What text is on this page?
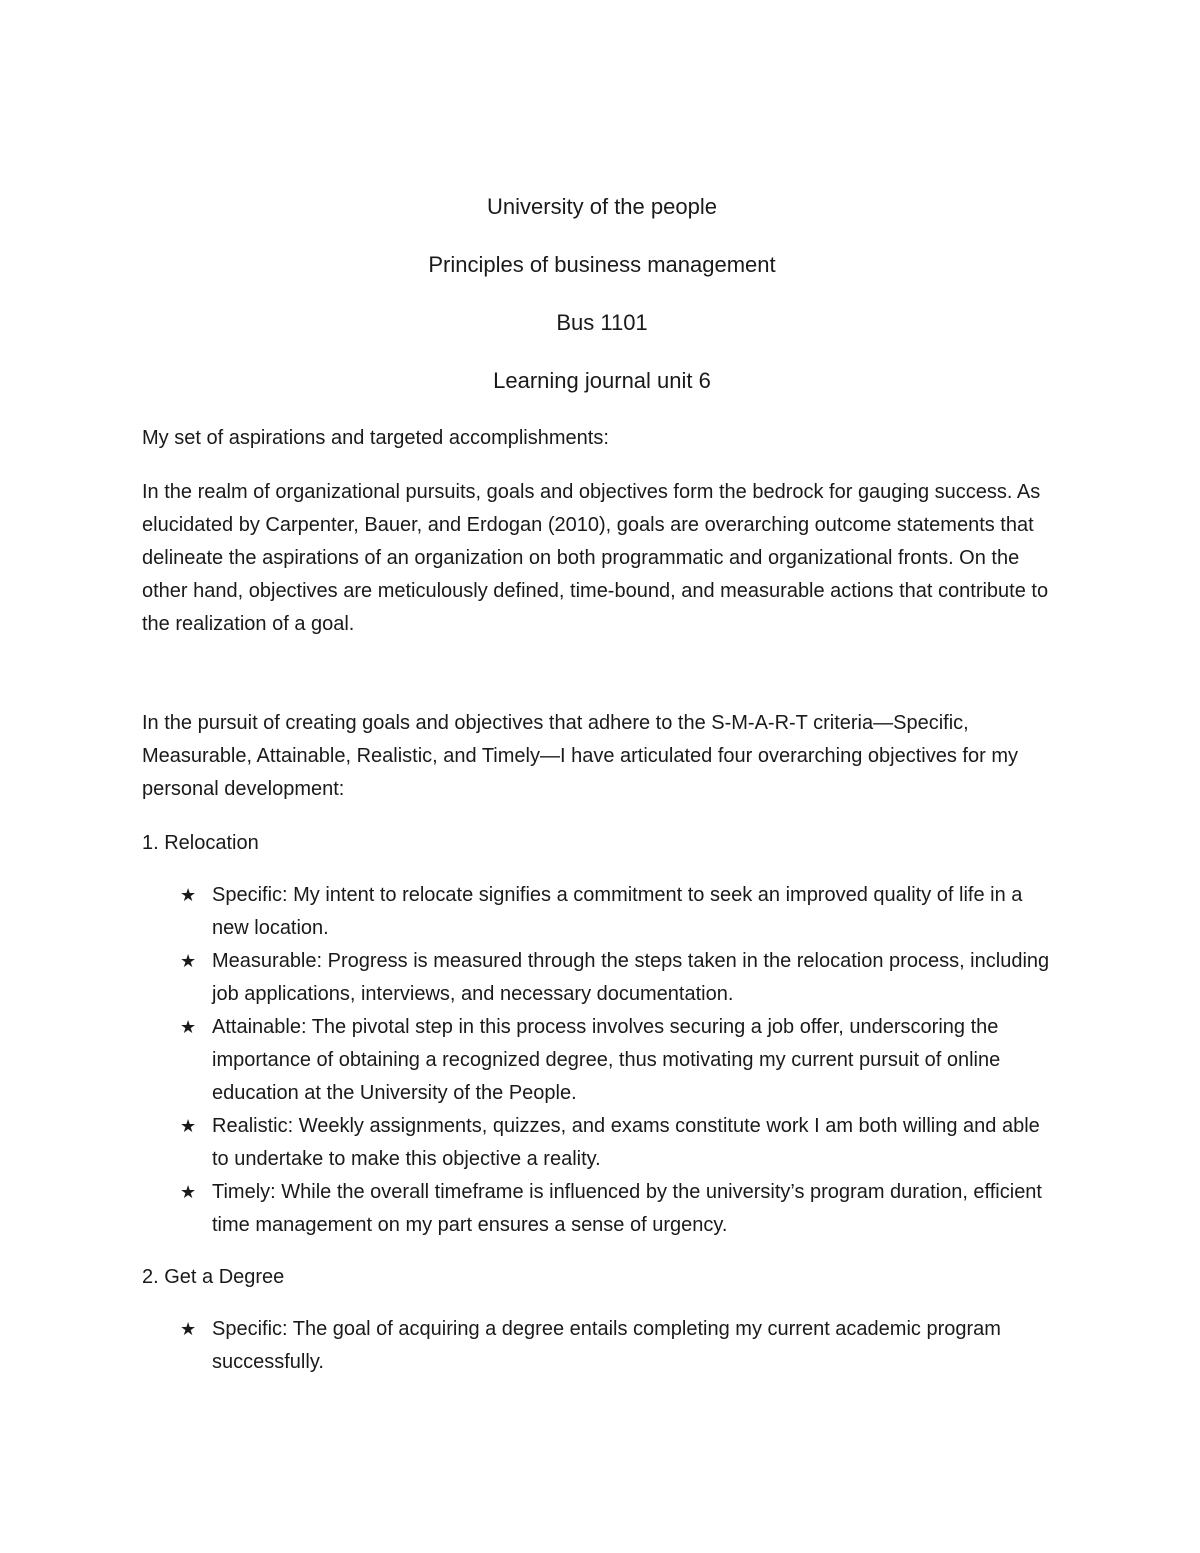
University of the people

Principles of business management

Bus 1101

Learning journal unit 6

My set of aspirations and targeted accomplishments:

In the realm of organizational pursuits, goals and objectives form the bedrock for gauging success. As elucidated by Carpenter, Bauer, and Erdogan (2010), goals are overarching outcome statements that delineate the aspirations of an organization on both programmatic and organizational fronts. On the other hand, objectives are meticulously defined, time-bound, and measurable actions that contribute to the realization of a goal.

In the pursuit of creating goals and objectives that adhere to the S-M-A-R-T criteria—Specific, Measurable, Attainable, Realistic, and Timely—I have articulated four overarching objectives for my personal development:

1. Relocation

★ Specific: My intent to relocate signifies a commitment to seek an improved quality of life in a new location.
★ Measurable: Progress is measured through the steps taken in the relocation process, including job applications, interviews, and necessary documentation.
★ Attainable: The pivotal step in this process involves securing a job offer, underscoring the importance of obtaining a recognized degree, thus motivating my current pursuit of online education at the University of the People.
★ Realistic: Weekly assignments, quizzes, and exams constitute work I am both willing and able to undertake to make this objective a reality.
★ Timely: While the overall timeframe is influenced by the university’s program duration, efficient time management on my part ensures a sense of urgency.

2. Get a Degree

★ Specific: The goal of acquiring a degree entails completing my current academic program successfully.
